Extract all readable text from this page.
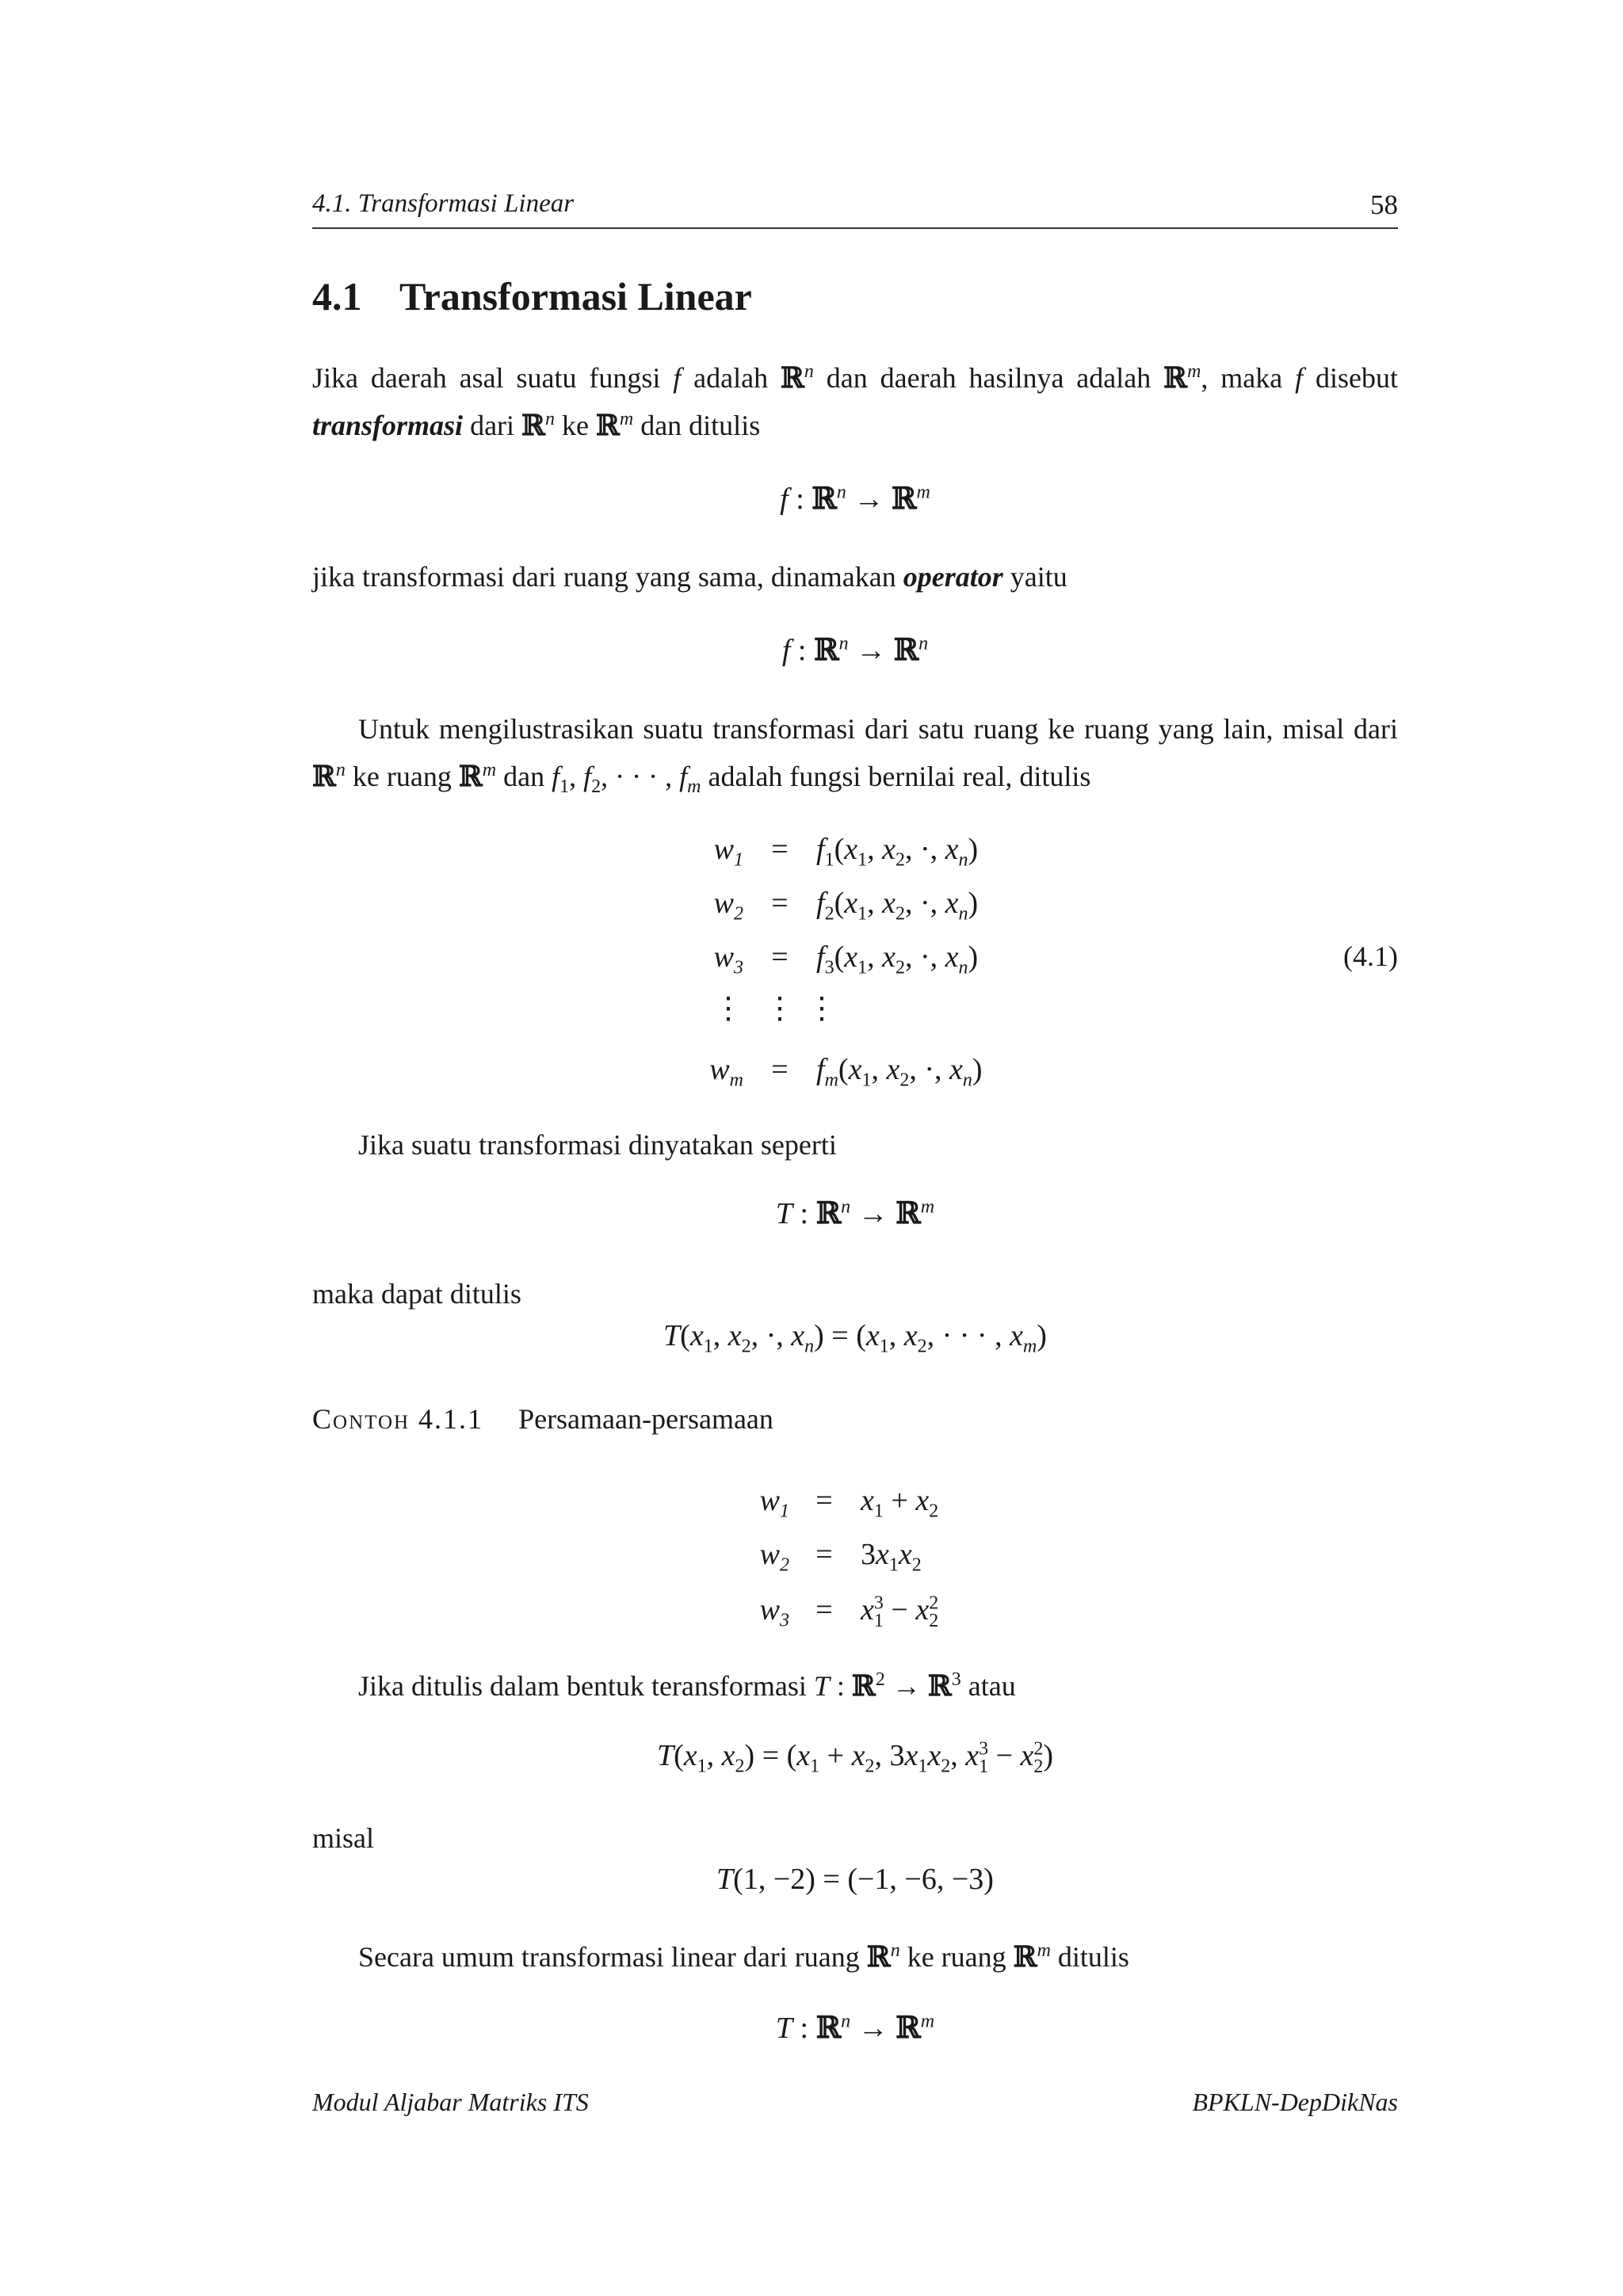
4.1. Transformasi Linear	58
4.1 Transformasi Linear
Jika daerah asal suatu fungsi f adalah ℝ$^n$ dan daerah hasilnya adalah ℝ$^m$, maka f disebut transformasi dari ℝ$^n$ ke ℝ$^m$ dan ditulis
f : ℝ$^n$ → ℝ$^m$
jika transformasi dari ruang yang sama, dinamakan operator yaitu
f : ℝ$^n$ → ℝ$^n$
Untuk mengilustrasikan suatu transformasi dari satu ruang ke ruang yang lain, misal dari ℝ$^n$ ke ruang ℝ$^m$ dan $f_1$, $f_2$, · · · , $f_m$ adalah fungsi bernilai real, ditulis
$w_1 = f_1(x_1$, $x_2$, ·, $x_n$)
$w_2 = f_2(x_1$, $x_2$, ·, $x_n$)
$w_3 = f_3(x_1$, $x_2$, ·, $x_n$)
⋮ ⋮ ⋮
$w_m = f_m(x_1$, $x_2$, ·, $x_n$)
(4.1)
Jika suatu transformasi dinyatakan seperti
T : ℝ$^n$ → ℝ$^m$
maka dapat ditulis
$T(x_1$, $x_2$, ·, $x_n) = (x_1$, $x_2$, · · · , $x_m$)
Contoh 4.1.1 Persamaan-persamaan
$w_1 = x_1 + x_2$
$w_2 = 3x_1x_2$
$w_3 = x^3_1 - x^2_2$
Jika ditulis dalam bentuk teransformasi T : ℝ$^2$ → ℝ$^3$ atau
$T(x_1$, $x_2) = (x_1 + x_2$, $3x_1x_2$, $x^3_1 - x^2_2$)
misal
T(1, −2) = (−1, −6, −3)
Secara umum transformasi linear dari ruang ℝ$^n$ ke ruang ℝ$^m$ ditulis
T : ℝ$^n$ → ℝ$^m$
Modul Aljabar Matriks ITS	BPKLN-DepDikNas
